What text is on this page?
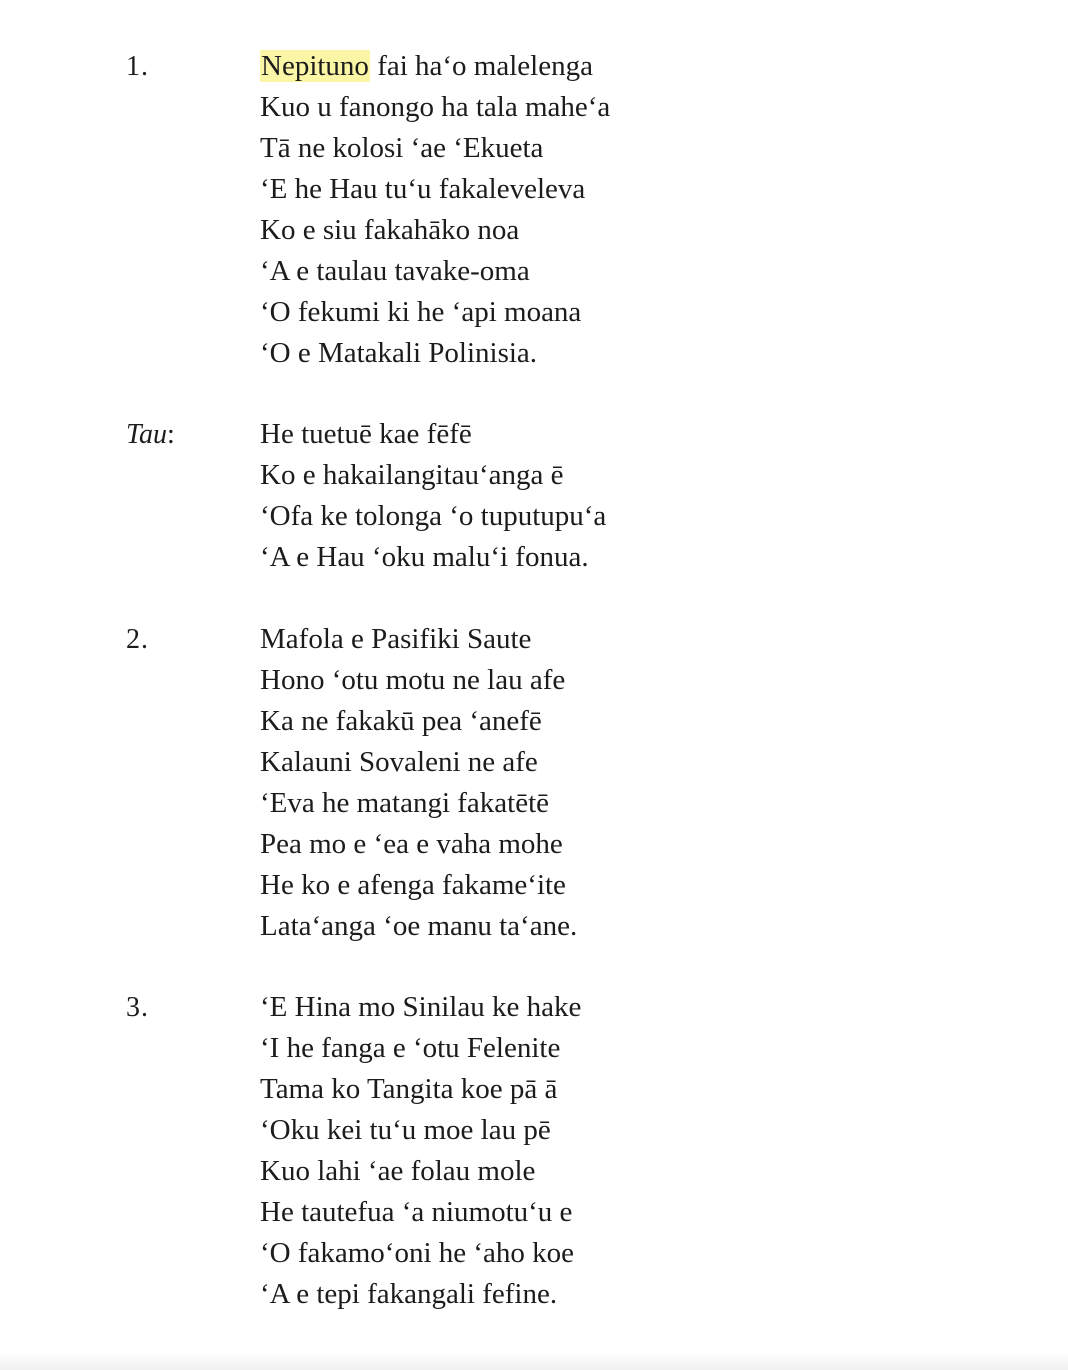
1.	Nepituno fai ha‘o malelenga
Kuo u fanongo ha tala mahe‘a
Tā ne kolosi ‘ae ‘Ekueta
‘E he Hau tu‘u fakaleveleva
Ko e siu fakahāko noa
‘A e taulau tavake-oma
‘O fekumi ki he ‘api moana
‘O e Matakali Polinisia.
Tau:	He tuetuē kae fēfē
Ko e hakailangitau‘anga ē
‘Ofa ke tolonga ‘o tuputupu‘a
‘A e Hau ‘oku malu‘i fonua.
2.	Mafola e Pasifiki Saute
Hono ‘otu motu ne lau afe
Ka ne fakakū pea ‘anefē
Kalauni Sovaleni ne afe
‘Eva he matangi fakatētē
Pea mo e ‘ea e vaha mohe
He ko e afenga fakame‘ite
Lata‘anga ‘oe manu ta‘ane.
3.	‘E Hina mo Sinilau ke hake
‘I he fanga e ‘otu Felenite
Tama ko Tangita koe pā ā
‘Oku kei tu‘u moe lau pē
Kuo lahi ‘ae folau mole
He tautefua ‘a niumotu‘u e
‘O fakamo‘oni he ‘aho koe
‘A e tepi fakangali fefine.
